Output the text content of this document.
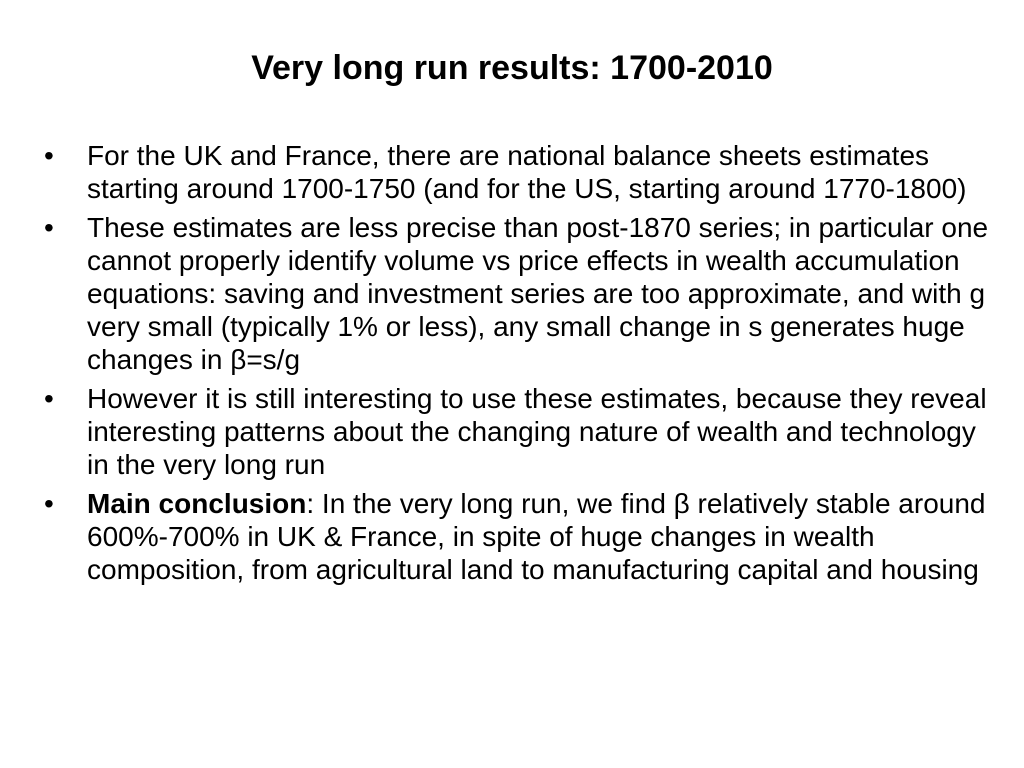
Very long run results: 1700-2010
•	For the UK and France, there are national balance sheets estimates starting around 1700-1750 (and for the US, starting around 1770-1800)
•	These estimates are less precise than post-1870 series; in particular one cannot properly identify volume vs price effects in wealth accumulation equations: saving and investment series are too approximate, and with g very small (typically 1% or less), any small change in s generates huge changes in β=s/g
•	However it is still interesting to use these estimates, because they reveal interesting patterns about the changing nature of wealth and technology in the very long run
•	Main conclusion: In the very long run, we find β relatively stable around 600%-700% in UK & France, in spite of huge changes in wealth composition, from agricultural land to manufacturing capital and housing
